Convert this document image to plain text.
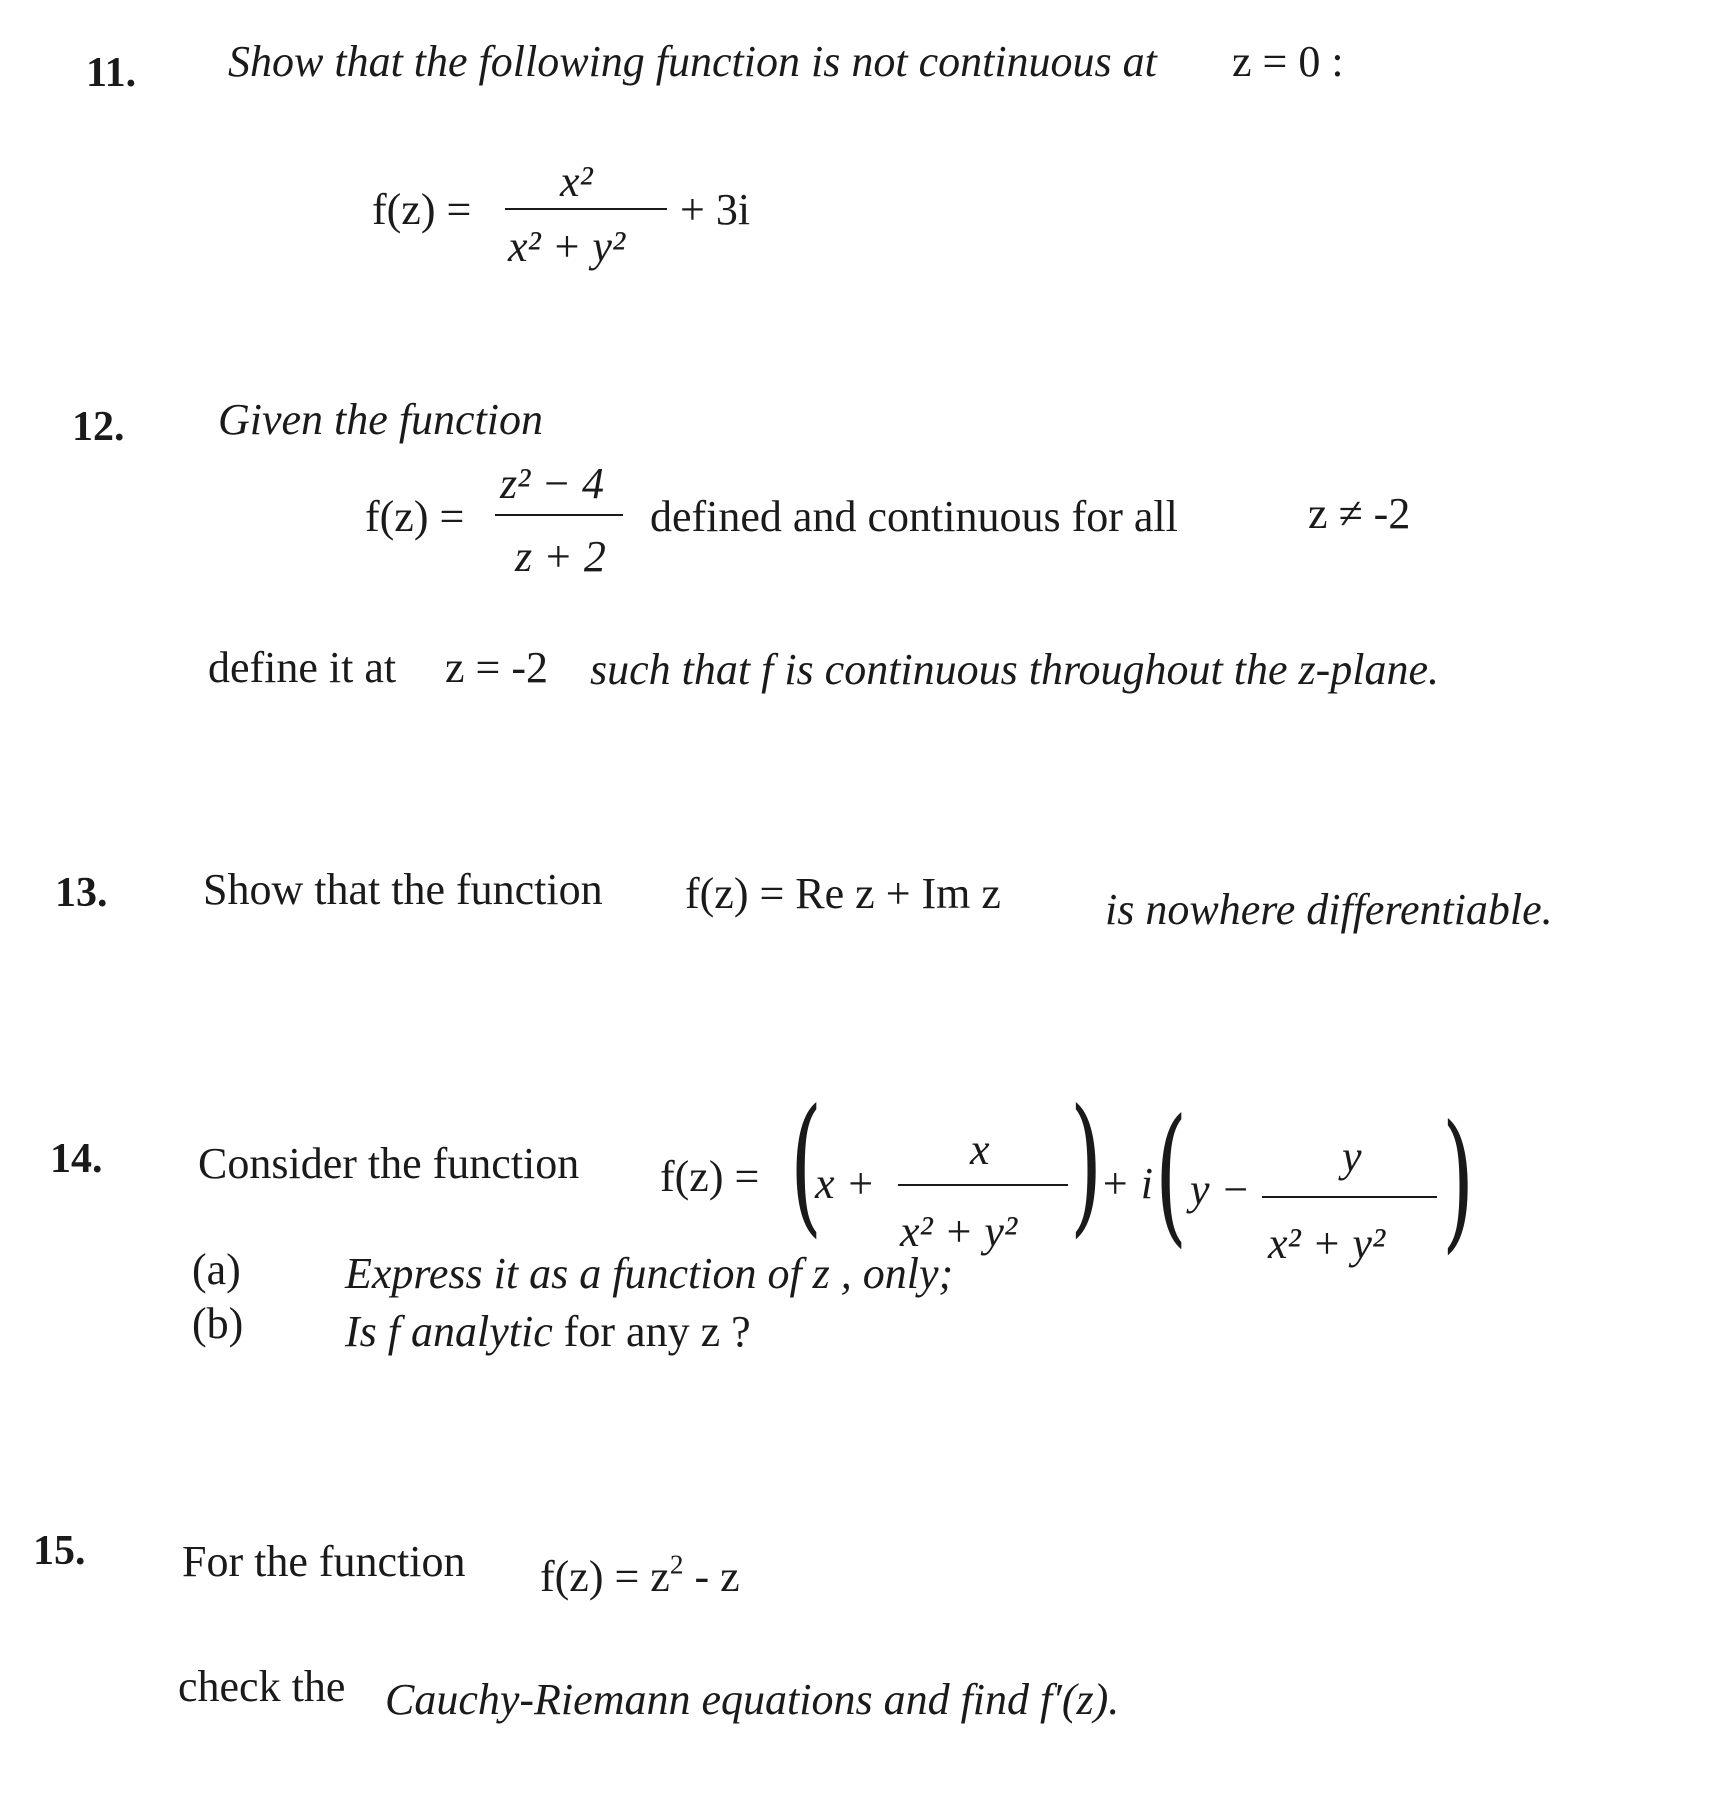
11. Show that the following function is not continuous at z = 0 :
f(z) =
x²
x² + y²
+ 3i
12. Given the function
f(z) =
z² − 4
z + 2
defined and continuous for all	z ≠ -2
define it at z = -2 such that f is continuous throughout the z-plane.
13. Show that the function f(z) = Re z + Im z is nowhere differentiable.
14. Consider the function f(z) = (
x +
x
x² + y² )
+ i ( y −
y
x² + y² )
(a) Express it as a function of z , only;
(b) Is f analytic for any z ?
15. For the function $f(z) = z^2 - z$
check the Cauchy-Riemann equations and find f′(z).
